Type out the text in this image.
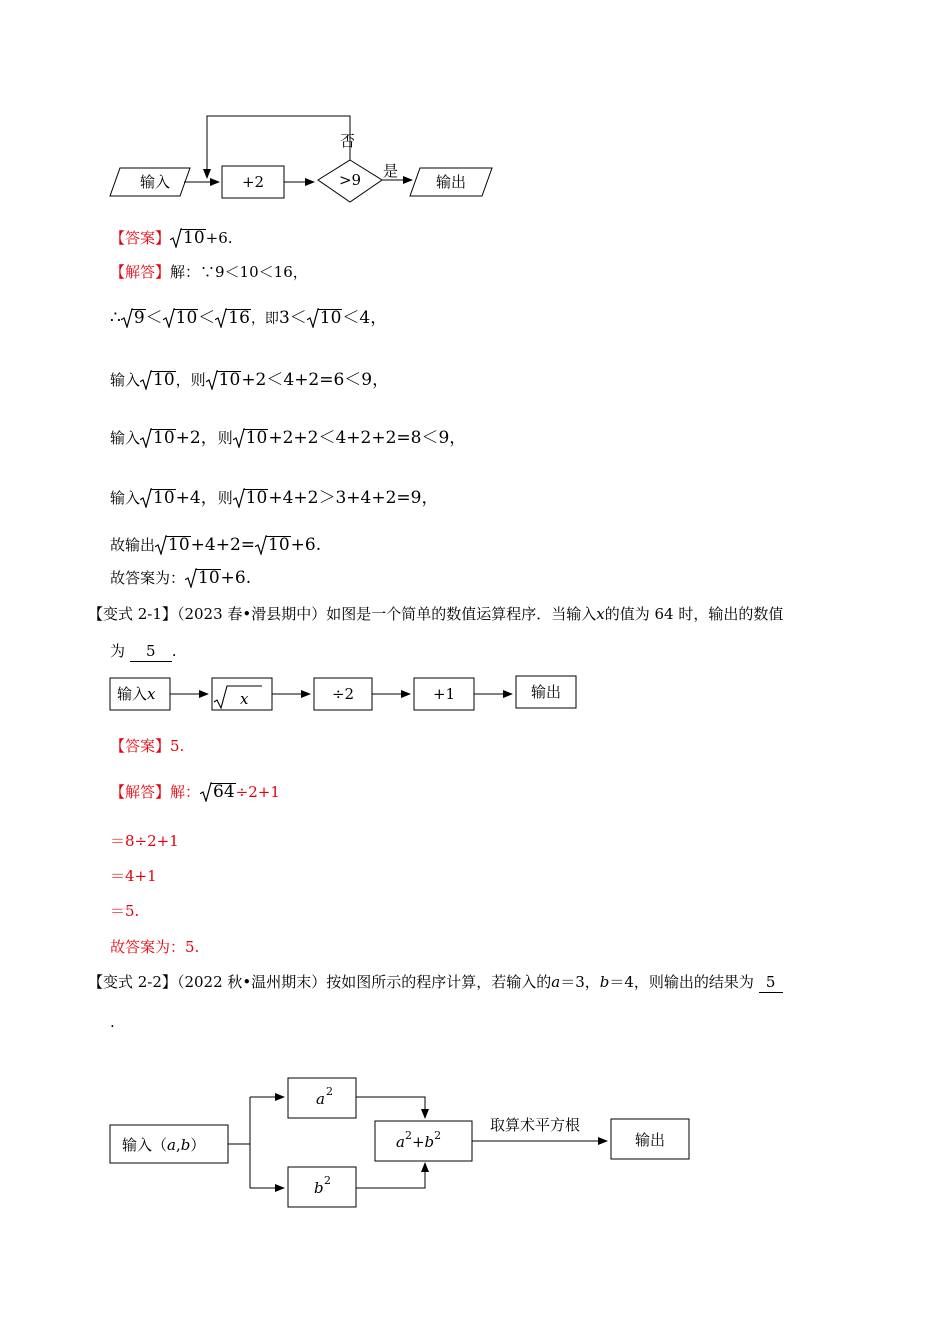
输入	+2	>9
否
是
输出
【答案】 10+6.
【解答】解：∵9＜10＜16，
∴ 9＜ 10＜ 16，即3＜ 10＜4，
输入 10，则 10+2＜4+2=6＜9，
输入 10+2，则 10+2+2＜4+2+2=8＜9，
输入 10+4，则 10+4+2＞3+4+2=9，
故输出 10+4+2= 10+6.
故答案为： 10+6.
【变式 2-1】（2023 春•滑县期中）如图是一个简单的数值运算程序．当输入x的值为 64 时，输出的数值
为 5 .
输入x	x	÷2	+1	输出
【答案】5.
【解答】解： 64÷2+1
＝8÷2+1
＝4+1
＝5.
故答案为：5.
【变式 2-2】（2022 秋•温州期末）按如图所示的程序计算，若输入的a＝3，b＝4，则输出的结果为 5
.
输入（a,b）
a 2
b 2
$a^2+b^2$
取算术平方根
输出
